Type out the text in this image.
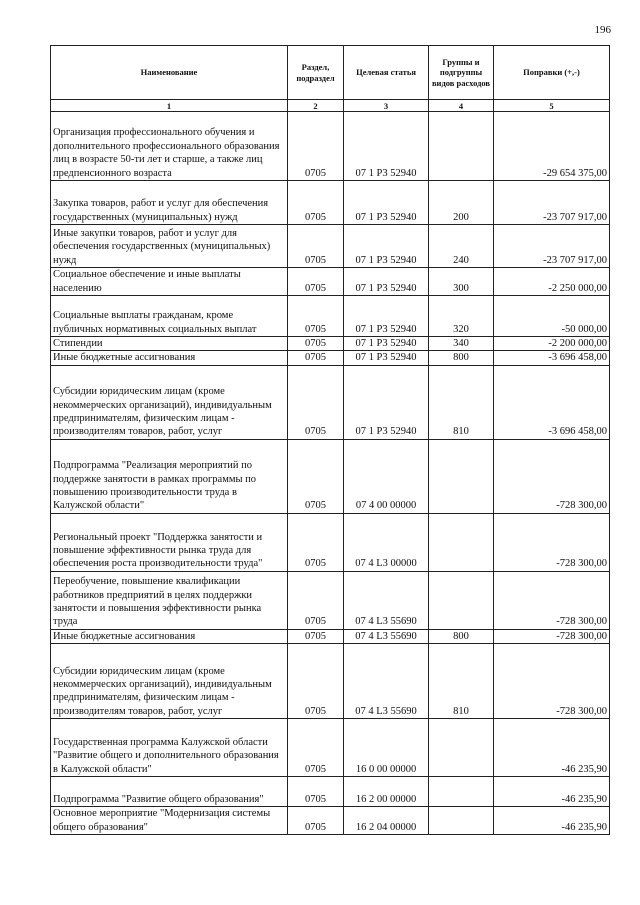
196
Наименование	Раздел, подраздел	Целевая статья	Группы и подгруппы видов расходов	Поправки (+,-)
1	2	3	4	5
Организация профессионального обучения и дополнительного профессионального образования лиц в возрасте 50-ти лет и старше, а также лиц предпенсионного возраста	0705	07 1 P3 52940		-29 654 375,00
Закупка товаров, работ и услуг для обеспечения государственных (муниципальных) нужд	0705	07 1 P3 52940	200	-23 707 917,00
Иные закупки товаров, работ и услуг для обеспечения государственных (муниципальных) нужд	0705	07 1 P3 52940	240	-23 707 917,00
Социальное обеспечение и иные выплаты населению	0705	07 1 P3 52940	300	-2 250 000,00
Социальные выплаты гражданам, кроме публичных нормативных социальных выплат	0705	07 1 P3 52940	320	-50 000,00
Стипендии	0705	07 1 P3 52940	340	-2 200 000,00
Иные бюджетные ассигнования	0705	07 1 P3 52940	800	-3 696 458,00
Субсидии юридическим лицам (кроме некоммерческих организаций), индивидуальным предпринимателям, физическим лицам - производителям товаров, работ, услуг	0705	07 1 P3 52940	810	-3 696 458,00
Подпрограмма "Реализация мероприятий по поддержке занятости в рамках программы по повышению производительности труда в Калужской области"	0705	07 4 00 00000		-728 300,00
Региональный проект "Поддержка занятости и повышение эффективности рынка труда для обеспечения роста производительности труда"	0705	07 4 L3 00000		-728 300,00
Переобучение, повышение квалификации работников предприятий в целях поддержки занятости и повышения эффективности рынка труда	0705	07 4 L3 55690		-728 300,00
Иные бюджетные ассигнования	0705	07 4 L3 55690	800	-728 300,00
Субсидии юридическим лицам (кроме некоммерческих организаций), индивидуальным предпринимателям, физическим лицам - производителям товаров, работ, услуг	0705	07 4 L3 55690	810	-728 300,00
Государственная программа Калужской области "Развитие общего и дополнительного образования в Калужской области"	0705	16 0 00 00000		-46 235,90
Подпрограмма "Развитие общего образования"	0705	16 2 00 00000		-46 235,90
Основное мероприятие "Модернизация системы общего образования"	0705	16 2 04 00000		-46 235,90
